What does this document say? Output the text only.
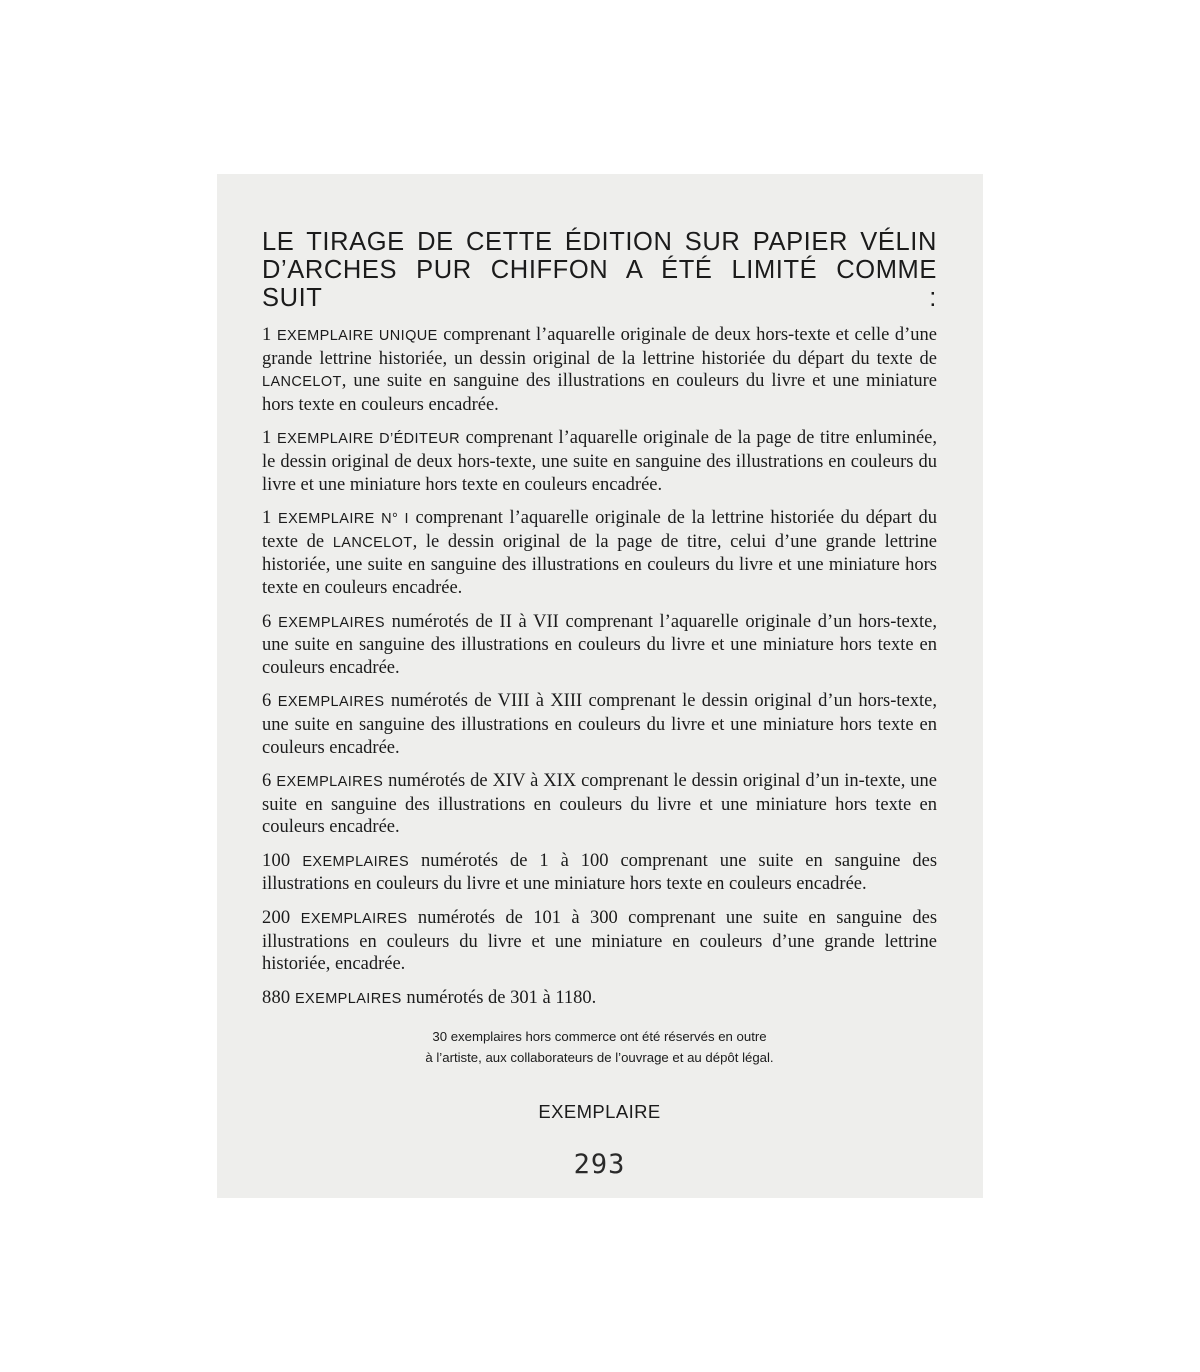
LE TIRAGE DE CETTE ÉDITION SUR PAPIER VÉLIN
D’ARCHES PUR CHIFFON A ÉTÉ LIMITÉ COMME SUIT :

1 EXEMPLAIRE UNIQUE comprenant l’aquarelle originale de deux hors-texte et celle d’une grande lettrine historiée, un dessin original de la lettrine historiée du départ du texte de LANCELOT, une suite en sanguine des illustrations en couleurs du livre et une miniature hors texte en couleurs encadrée.

1 EXEMPLAIRE D’ÉDITEUR comprenant l’aquarelle originale de la page de titre enluminée, le dessin original de deux hors-texte, une suite en sanguine des illustrations en couleurs du livre et une miniature hors texte en couleurs encadrée.

1 EXEMPLAIRE N° I comprenant l’aquarelle originale de la lettrine historiée du départ du texte de LANCELOT, le dessin original de la page de titre, celui d’une grande lettrine historiée, une suite en sanguine des illustrations en couleurs du livre et une miniature hors texte en couleurs encadrée.

6 EXEMPLAIRES numérotés de II à VII comprenant l’aquarelle originale d’un hors-texte, une suite en sanguine des illustrations en couleurs du livre et une miniature hors texte en couleurs encadrée.

6 EXEMPLAIRES numérotés de VIII à XIII comprenant le dessin original d’un hors-texte, une suite en sanguine des illustrations en couleurs du livre et une miniature hors texte en couleurs encadrée.

6 EXEMPLAIRES numérotés de XIV à XIX comprenant le dessin original d’un in-texte, une suite en sanguine des illustrations en couleurs du livre et une miniature hors texte en couleurs encadrée.

100 EXEMPLAIRES numérotés de 1 à 100 comprenant une suite en sanguine des illustrations en couleurs du livre et une miniature hors texte en couleurs encadrée.

200 EXEMPLAIRES numérotés de 101 à 300 comprenant une suite en sanguine des illustrations en couleurs du livre et une miniature en couleurs d’une grande lettrine historiée, encadrée.

880 EXEMPLAIRES numérotés de 301 à 1180.

30 exemplaires hors commerce ont été réservés en outre
à l’artiste, aux collaborateurs de l’ouvrage et au dépôt légal.
EXEMPLAIRE
293
